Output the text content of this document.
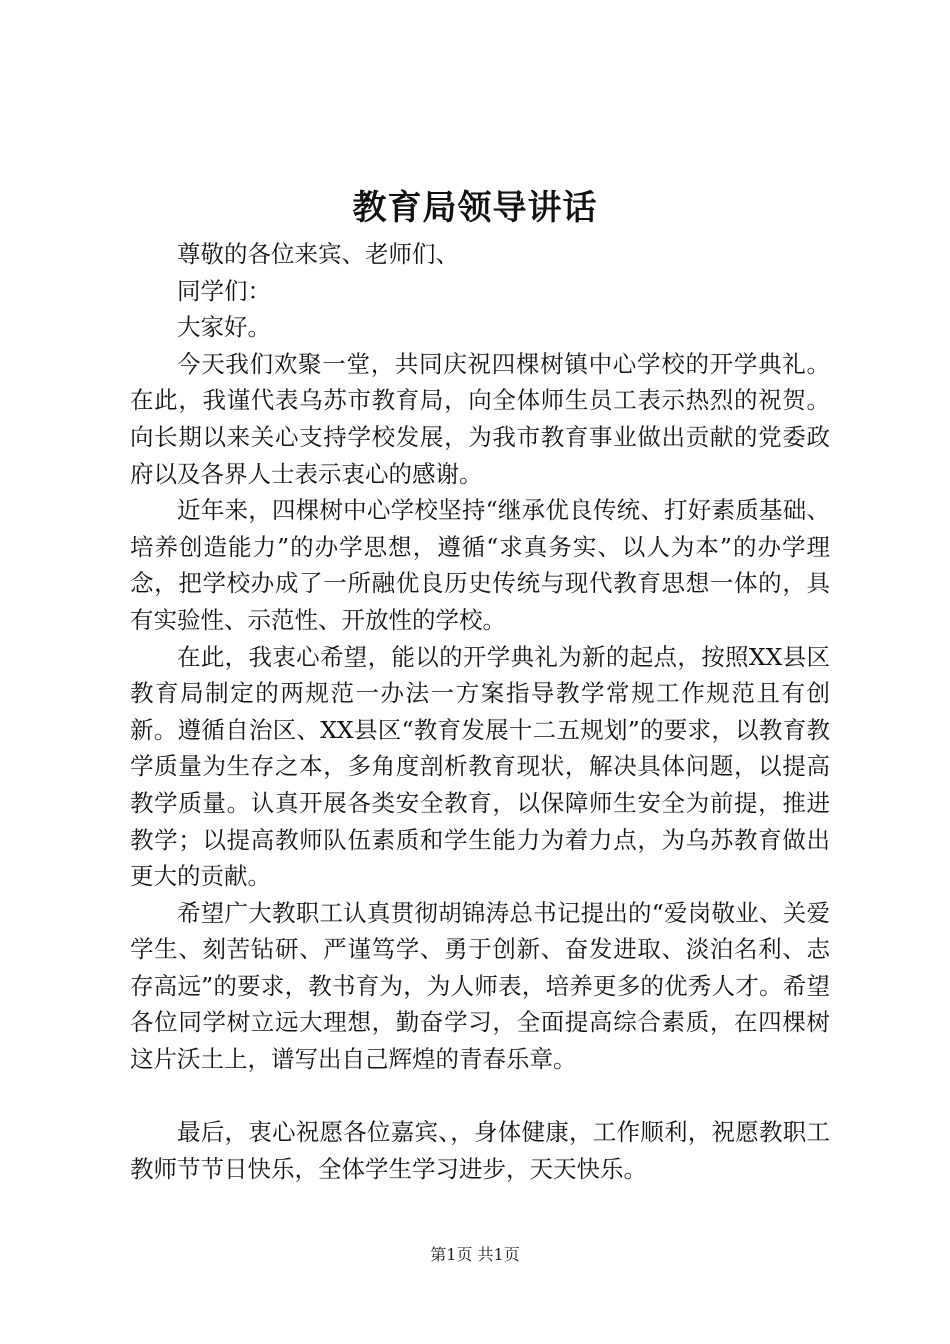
教育局领导讲话

尊敬的各位来宾、老师们、

同学们：

大家好。

今天我们欢聚一堂，共同庆祝四棵树镇中心学校的开学典礼。在此，我谨代表乌苏市教育局，向全体师生员工表示热烈的祝贺。向长期以来关心支持学校发展，为我市教育事业做出贡献的党委政府以及各界人士表示衷心的感谢。

近年来，四棵树中心学校坚持“继承优良传统、打好素质基础、培养创造能力”的办学思想，遵循“求真务实、以人为本”的办学理念，把学校办成了一所融优良历史传统与现代教育思想一体的，具有实验性、示范性、开放性的学校。

在此，我衷心希望，能以的开学典礼为新的起点，按照XX县区教育局制定的两规范一办法一方案指导教学常规工作规范且有创新。遵循自治区、XX县区“教育发展十二五规划”的要求，以教育教学质量为生存之本，多角度剖析教育现状，解决具体问题，以提高教学质量。认真开展各类安全教育，以保障师生安全为前提，推进教学；以提高教师队伍素质和学生能力为着力点，为乌苏教育做出更大的贡献。

希望广大教职工认真贯彻胡锦涛总书记提出的“爱岗敬业、关爱学生、刻苦钻研、严谨笃学、勇于创新、奋发进取、淡泊名利、志存高远”的要求，教书育为，为人师表，培养更多的优秀人才。希望各位同学树立远大理想，勤奋学习，全面提高综合素质，在四棵树这片沃土上，谱写出自己辉煌的青春乐章。

最后，衷心祝愿各位嘉宾、，身体健康，工作顺利，祝愿教职工教师节节日快乐，全体学生学习进步，天天快乐。

第1页 共1页
